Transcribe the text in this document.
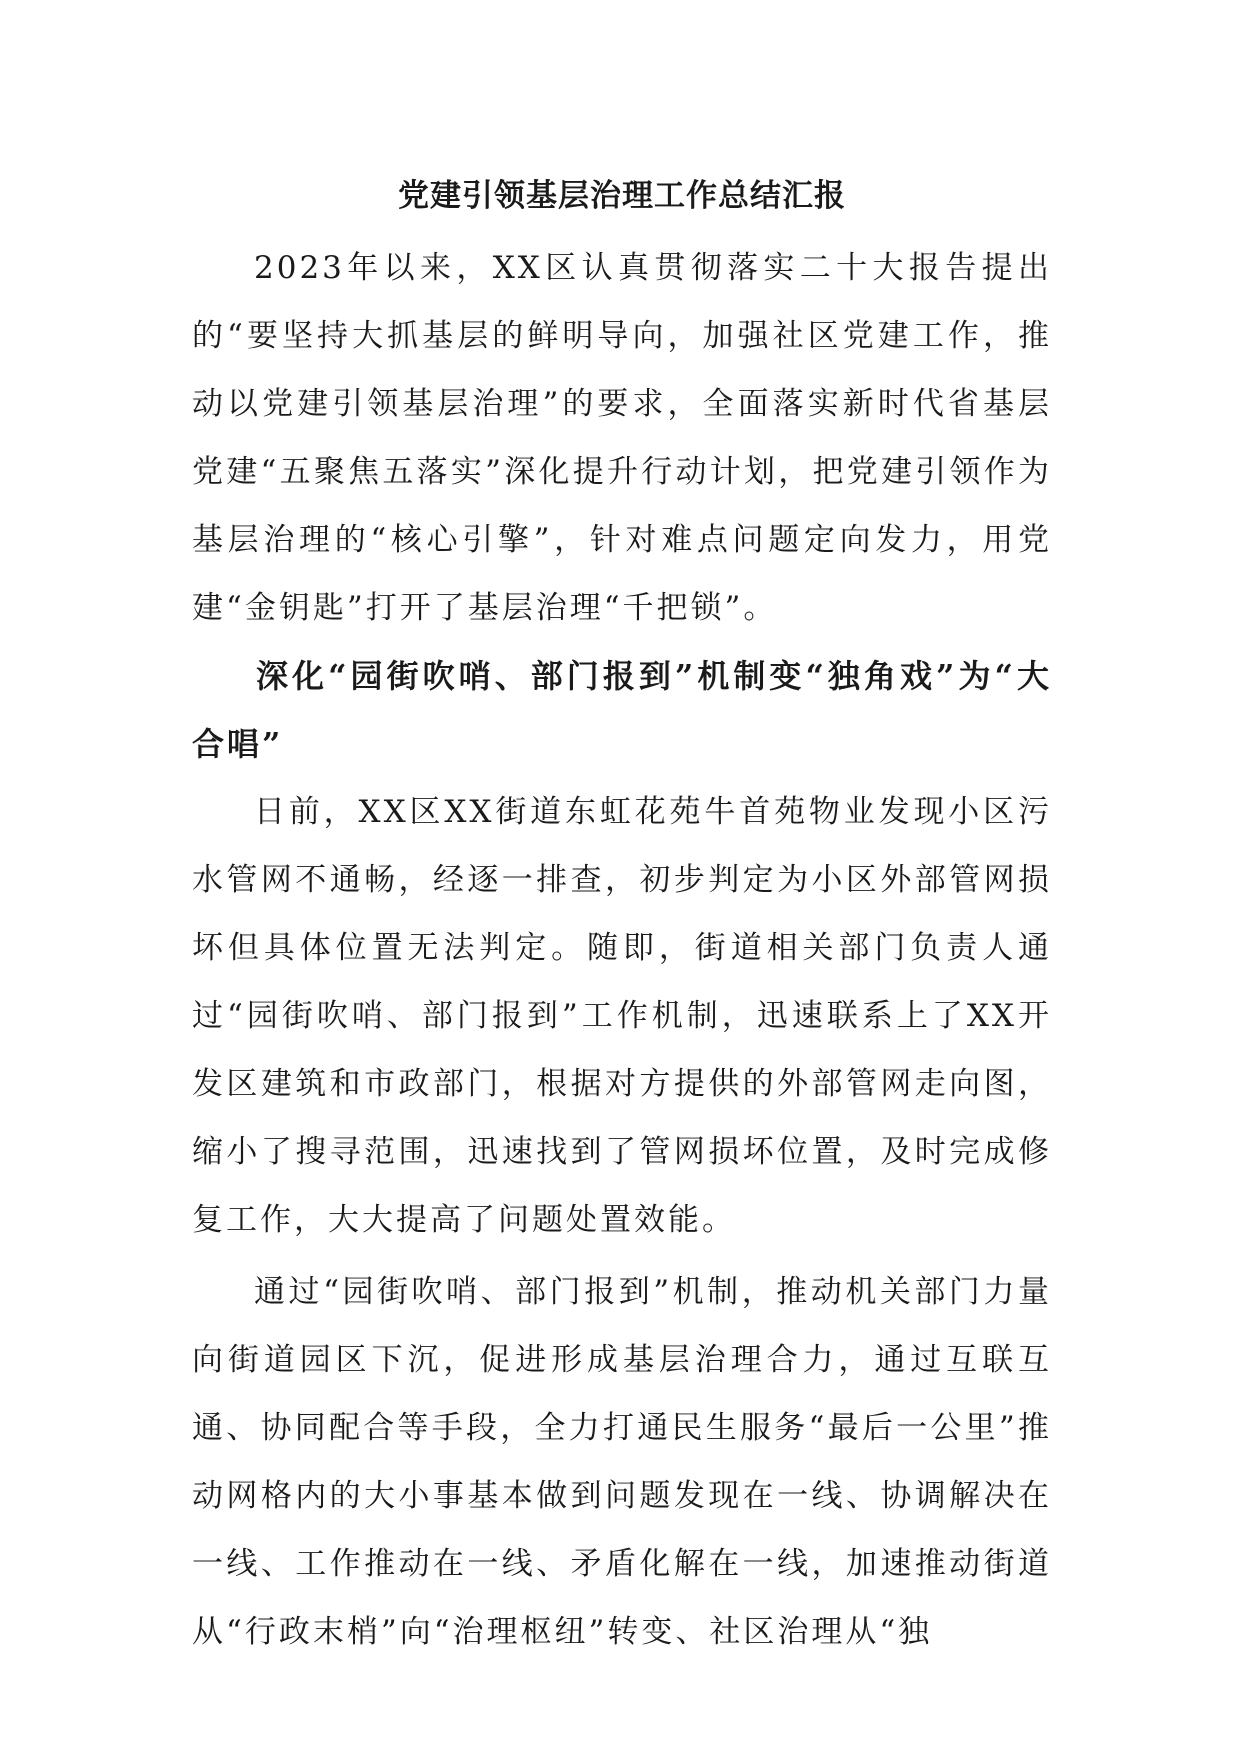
党建引领基层治理工作总结汇报

2023年以来，XX区认真贯彻落实二十大报告提出的“要坚持大抓基层的鲜明导向，加强社区党建工作，推动以党建引领基层治理”的要求，全面落实新时代省基层党建“五聚焦五落实”深化提升行动计划，把党建引领作为基层治理的“核心引擎”，针对难点问题定向发力，用党建“金钥匙”打开了基层治理“千把锁”。

深化“园街吹哨、部门报到”机制变“独角戏”为“大合唱”

日前，XX区XX街道东虹花苑牛首苑物业发现小区污水管网不通畅，经逐一排查，初步判定为小区外部管网损坏但具体位置无法判定。随即，街道相关部门负责人通过“园街吹哨、部门报到”工作机制，迅速联系上了XX开发区建筑和市政部门，根据对方提供的外部管网走向图，缩小了搜寻范围，迅速找到了管网损坏位置，及时完成修复工作，大大提高了问题处置效能。

通过“园街吹哨、部门报到”机制，推动机关部门力量向街道园区下沉，促进形成基层治理合力，通过互联互通、协同配合等手段，全力打通民生服务“最后一公里”推动网格内的大小事基本做到问题发现在一线、协调解决在一线、工作推动在一线、矛盾化解在一线，加速推动街道从“行政末梢”向“治理枢纽”转变、社区治理从“独
